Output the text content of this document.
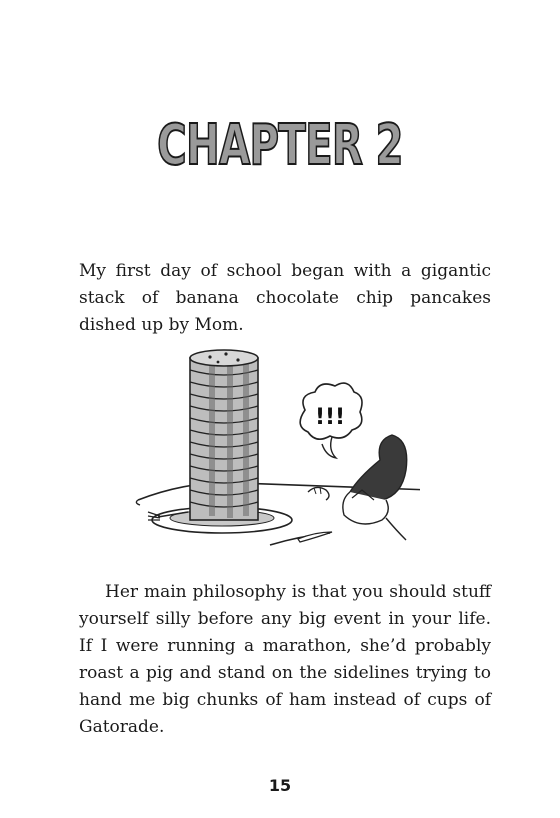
CHAPTER 2

My first day of school began with a gigantic stack of banana chocolate chip pancakes dished up by Mom.

!!!

Her main philosophy is that you should stuff yourself silly before any big event in your life. If I were running a marathon, she’d probably roast a pig and stand on the sidelines trying to hand me big chunks of ham instead of cups of Gatorade.

15
